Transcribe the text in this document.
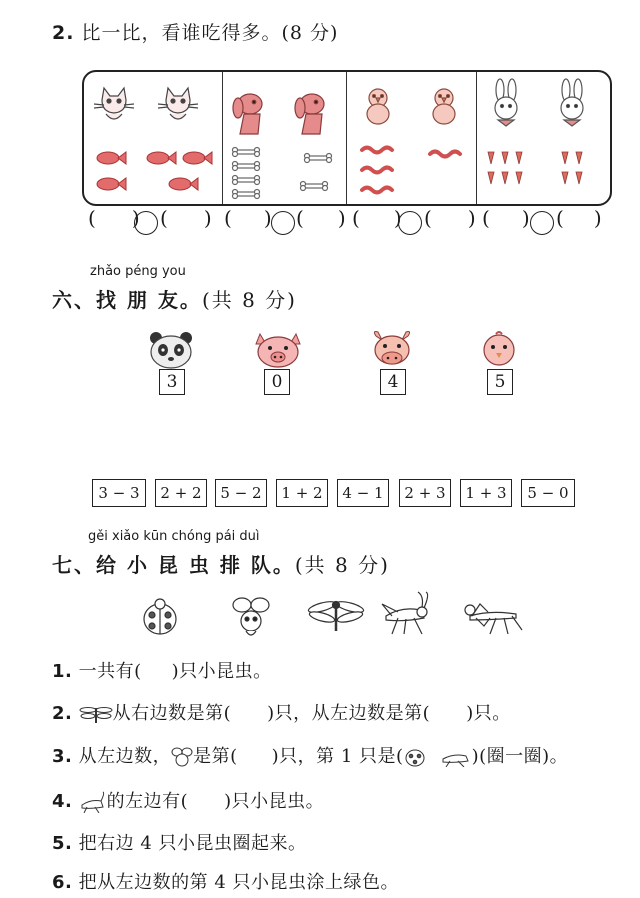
2. 比一比，看谁吃得多。(8 分)
( ) ( ) ( ) ( ) ( ) ( ) ( ) ( )
zhǎo péng you
六、找 朋 友。(共 8 分)
3	0	4	5
3 − 3	2 + 2	5 − 2	1 + 2	4 − 1	2 + 3	1 + 3	5 − 0
gěi xiǎo kūn chóng pái duì
七、给 小 昆 虫 排 队。(共 8 分)
1. 一共有( )只小昆虫。
2. 从右边数是第( )只，从左边数是第( )只。
3. 从左边数， 是第( )只，第 1 只是(	)(圈一圈)。
4. 的左边有( )只小昆虫。
5. 把右边 4 只小昆虫圈起来。
6. 把从左边数的第 4 只小昆虫涂上绿色。
